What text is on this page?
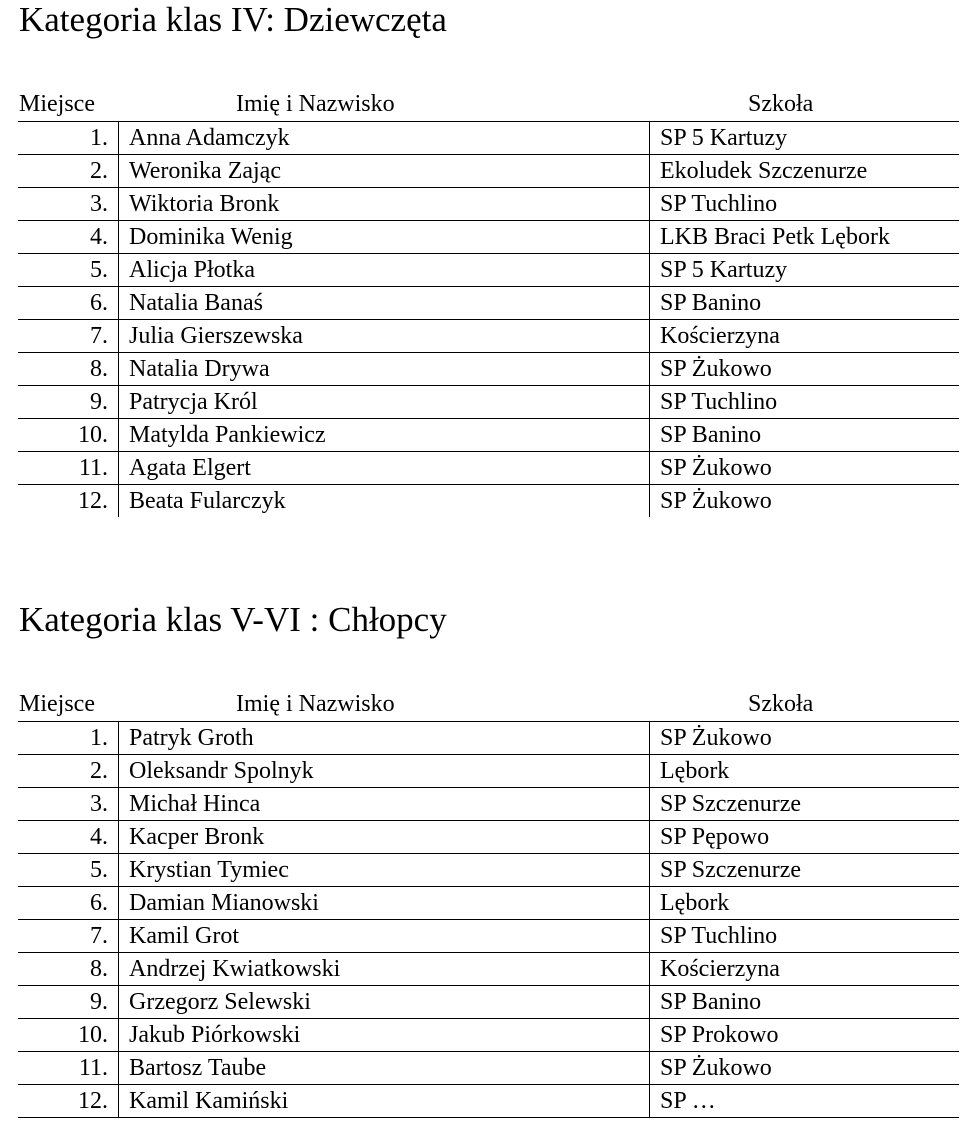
Kategoria klas IV: Dziewczęta
Miejsce	Imię i Nazwisko	Szkoła
1.	Anna Adamczyk	SP 5 Kartuzy
2.	Weronika Zając	Ekoludek Szczenurze
3.	Wiktoria Bronk	SP Tuchlino
4.	Dominika Wenig	LKB Braci Petk Lębork
5.	Alicja Płotka	SP 5 Kartuzy
6.	Natalia Banaś	SP Banino
7.	Julia Gierszewska	Kościerzyna
8.	Natalia Drywa	SP Żukowo
9.	Patrycja Król	SP Tuchlino
10.	Matylda Pankiewicz	SP Banino
11.	Agata Elgert	SP Żukowo
12.	Beata Fularczyk	SP Żukowo
Kategoria klas V-VI : Chłopcy
Miejsce	Imię i Nazwisko	Szkoła
1.	Patryk Groth	SP Żukowo
2.	Oleksandr Spolnyk	Lębork
3.	Michał Hinca	SP Szczenurze
4.	Kacper Bronk	SP Pępowo
5.	Krystian Tymiec	SP Szczenurze
6.	Damian Mianowski	Lębork
7.	Kamil Grot	SP Tuchlino
8.	Andrzej Kwiatkowski	Kościerzyna
9.	Grzegorz Selewski	SP Banino
10.	Jakub Piórkowski	SP Prokowo
11.	Bartosz Taube	SP Żukowo
12.	Kamil Kamiński	SP …
